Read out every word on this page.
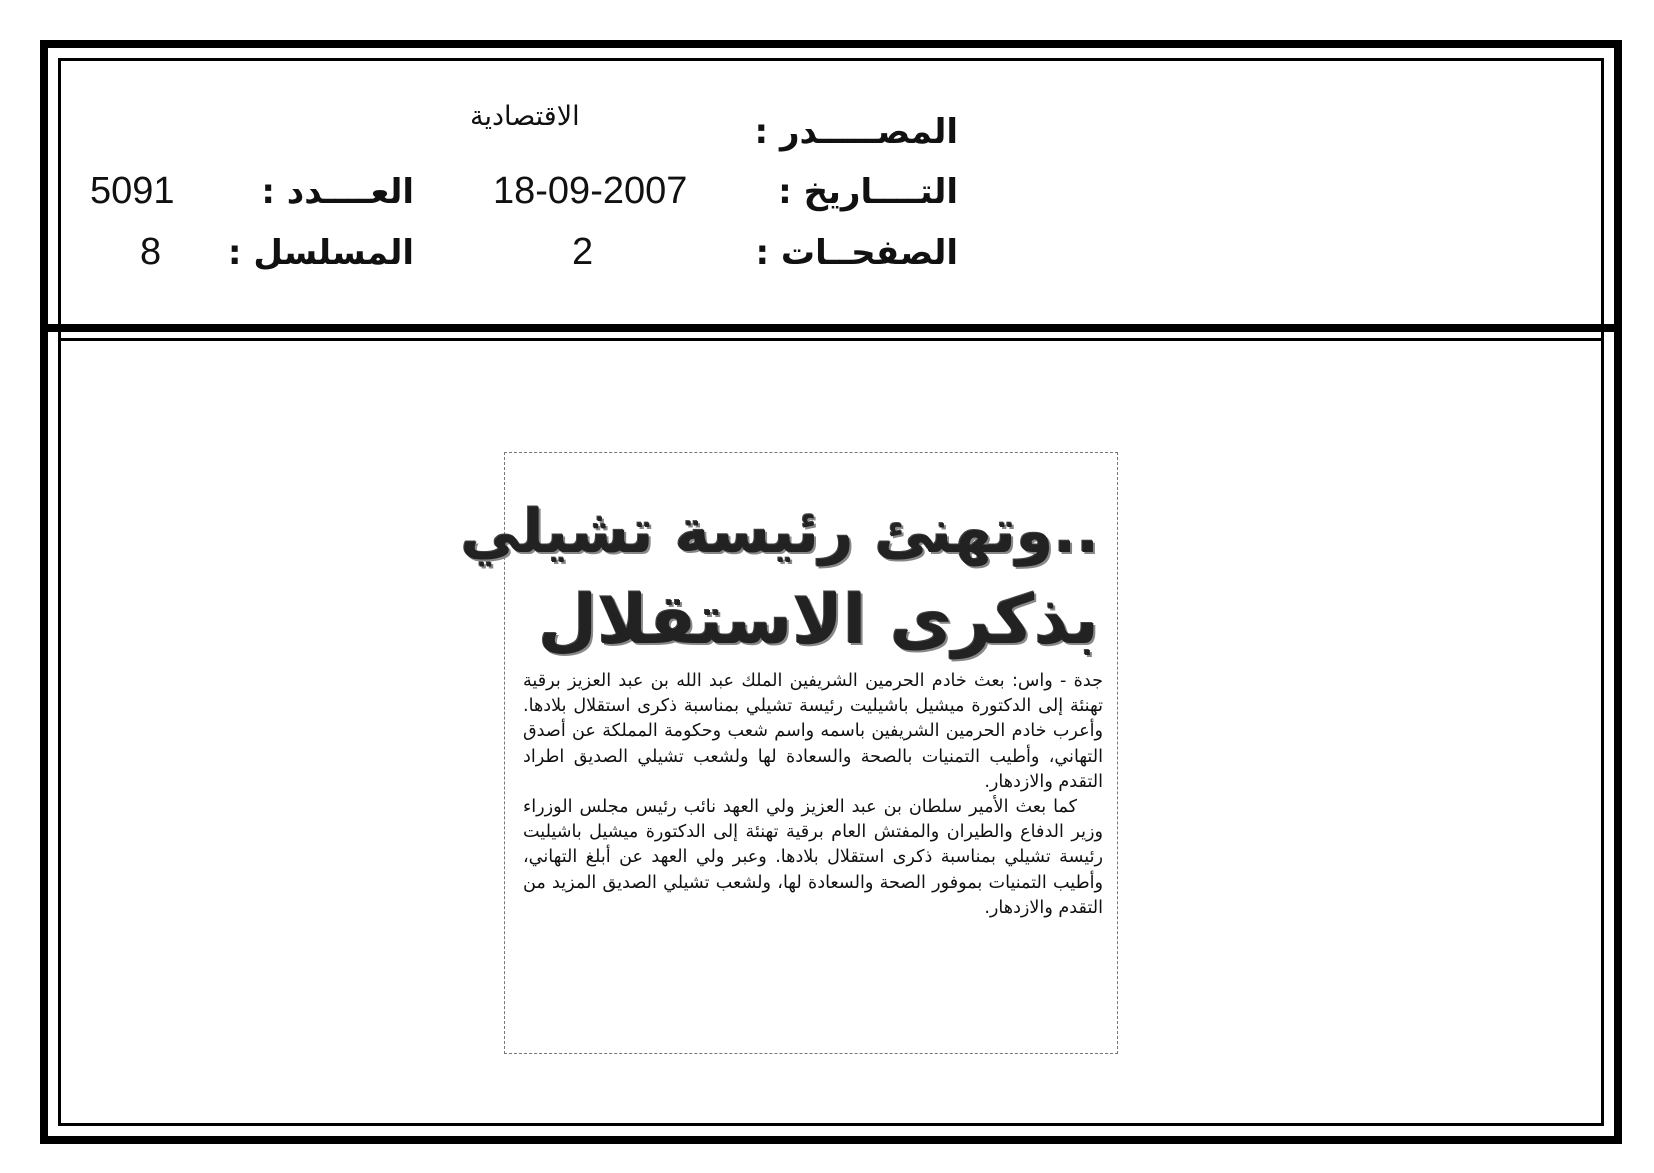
المصـــــدر :
الاقتصادية
التــــاريخ :
18-09-2007
الصفحــات :
2
العــــدد :
5091
المسلسل :
8
..وتهنئ رئيسة تشيلي
بذكرى الاستقلال

جدة - واس: بعث خادم الحرمين الشريفين الملك عبد الله بن عبد العزيز برقية تهنئة إلى الدكتورة ميشيل باشيليت رئيسة تشيلي بمناسبة ذكرى استقلال بلادها. وأعرب خادم الحرمين الشريفين باسمه واسم شعب وحكومة المملكة عن أصدق التهاني، وأطيب التمنيات بالصحة والسعادة لها ولشعب تشيلي الصديق اطراد التقدم والازدهار.

كما بعث الأمير سلطان بن عبد العزيز ولي العهد نائب رئيس مجلس الوزراء وزير الدفاع والطيران والمفتش العام برقية تهنئة إلى الدكتورة ميشيل باشيليت رئيسة تشيلي بمناسبة ذكرى استقلال بلادها. وعبر ولي العهد عن أبلغ التهاني، وأطيب التمنيات بموفور الصحة والسعادة لها، ولشعب تشيلي الصديق المزيد من التقدم والازدهار.
